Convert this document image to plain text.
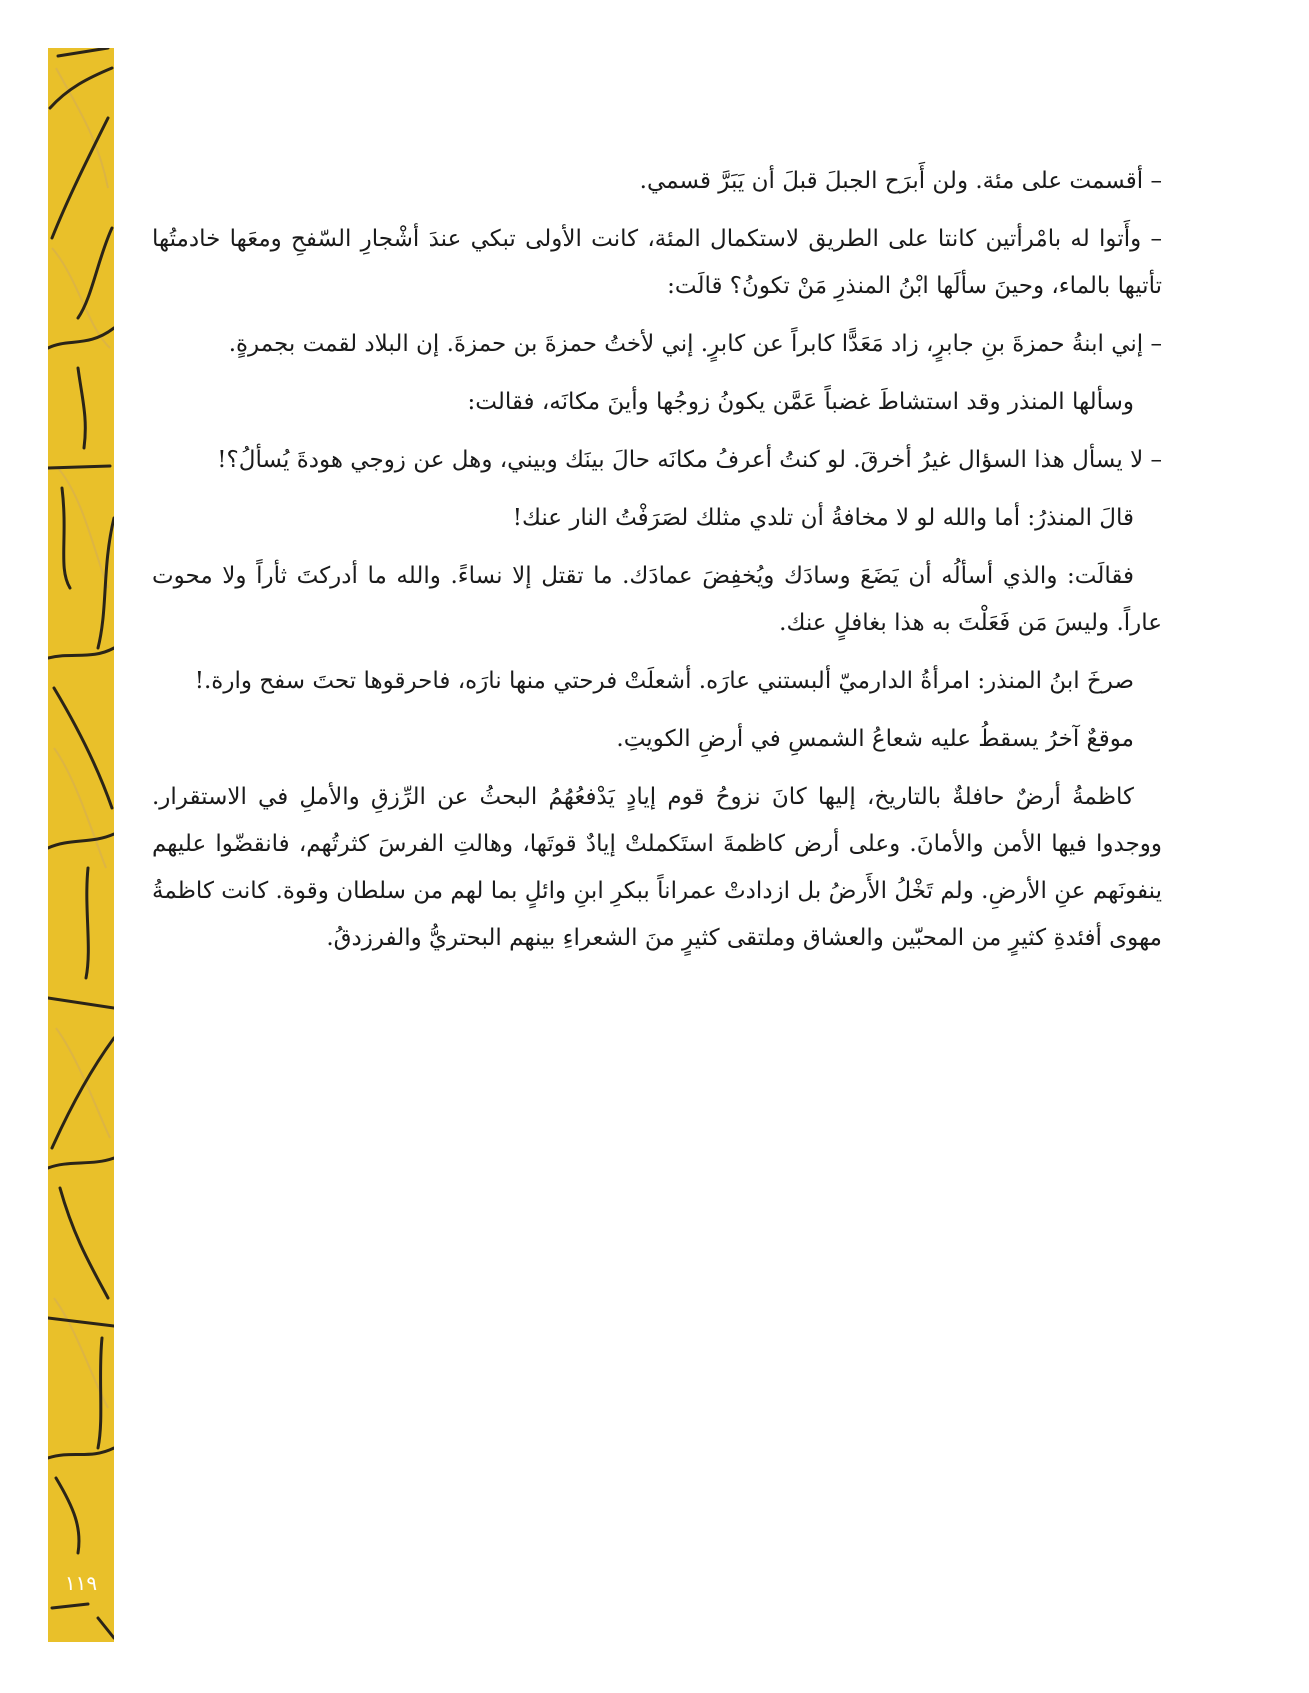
١١٩

– أقسمت على مئة. ولن أَبرَح الجبلَ قبلَ أن يَبَرَّ قسمي.

– وأَتوا له بامْرأتين كانتا على الطريق لاستكمال المئة، كانت الأولى تبكي عندَ أشْجارِ السّفحِ ومعَها خادمتُها تأتيها بالماء، وحينَ سألَها ابْنُ المنذرِ مَنْ تكونُ؟ قالَت:

– إني ابنةُ حمزةَ بنِ جابرٍ، زاد مَعَدًّا كابراً عن كابرٍ. إني لأختُ حمزةَ بن حمزةَ. إن البلاد لقمت بجمرةٍ.

وسألها المنذر وقد استشاطَ غضباً عَمَّن يكونُ زوجُها وأينَ مكانَه، فقالت:

– لا يسأل هذا السؤال غيرُ أخرقَ. لو كنتُ أعرفُ مكانَه حالَ بينَك وبيني، وهل عن زوجي هودةَ يُسألُ؟!

قالَ المنذرُ: أما والله لو لا مخافةُ أن تلدي مثلك لصَرَفْتُ النار عنك!

فقالَت: والذي أسألُه أن يَضَعَ وسادَك ويُخفِضَ عمادَك. ما تقتل إلا نساءً. والله ما أدركتَ ثأراً ولا محوت عاراً. وليسَ مَن فَعَلْتَ به هذا بغافلٍ عنك.

صرخَ ابنُ المنذر: امرأةُ الدارميّ ألبستني عارَه. أشعلَتْ فرحتي منها نارَه، فاحرقوها تحتَ سفح وارة.!

موقعٌ آخرُ يسقطُ عليه شعاعُ الشمسِ في أرضِ الكويتِ.

كاظمةُ أرضٌ حافلةٌ بالتاريخ، إليها كانَ نزوحُ قوم إيادٍ يَدْفعُهُمُ البحثُ عن الرِّزقِ والأملِ في الاستقرار. ووجدوا فيها الأمن والأمانَ. وعلى أرض كاظمةَ استَكملتْ إيادٌ قوتَها، وهالتِ الفرسَ كثرتُهم، فانقضّوا عليهم ينفونَهم عنِ الأرضِ. ولم تَخْلُ الأَرضُ بل ازدادتْ عمراناً ببكرِ ابنِ وائلٍ بما لهم من سلطان وقوة. كانت كاظمةُ مهوى أفئدةِ كثيرٍ من المحبّين والعشاق وملتقى كثيرٍ منَ الشعراءِ بينهم البحتريُّ والفرزدقُ.
